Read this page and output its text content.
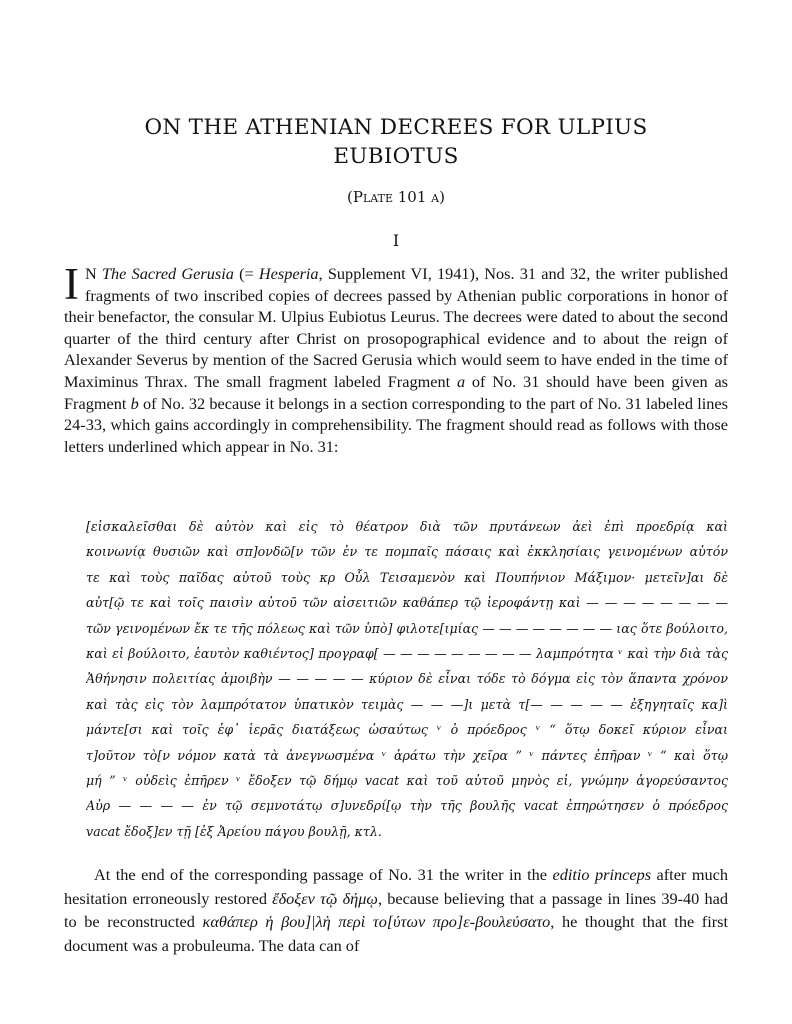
ON THE ATHENIAN DECREES FOR ULPIUS
EUBIOTUS
(Plate 101 a)
I
I N The Sacred Gerusia (= Hesperia, Supplement VI, 1941), Nos. 31 and 32, the writer published fragments of two inscribed copies of decrees passed by Athenian public corporations in honor of their benefactor, the consular M. Ulpius Eubiotus Leurus. The decrees were dated to about the second quarter of the third century after Christ on prosopographical evidence and to about the reign of Alexander Severus by mention of the Sacred Gerusia which would seem to have ended in the time of Maximinus Thrax. The small fragment labeled Fragment a of No. 31 should have been given as Fragment b of No. 32 because it belongs in a section corresponding to the part of No. 31 labeled lines 24-33, which gains accordingly in comprehensibility. The fragment should read as follows with those letters underlined which appear in No. 31:
[εἰσκαλεῖσθαι δὲ αὐτὸν καὶ εἰς τὸ θέατρον διὰ τῶν πρυτάνεων ἀεὶ ἐπὶ προεδρίᾳ καὶ
κοινωνίᾳ θυσιῶν καὶ σπ]ονδῶ[ν τῶν ἐν τε πομπαῖς πάσαις καὶ ἐκκλησίαις γεινομένων αὐτόν
τε καὶ τοὺς παῖδας αὐτοῦ τοὺς κρ Οὖλ Τεισαμενὸν καὶ Πουπήνιον Μάξιμον· μετεῖν]αι δὲ
αὐτ[ῷ τε καὶ τοῖς παισὶν αὐτοῦ τῶν αἰσειτιῶν καθάπερ τῷ ἱεροφάντῃ καὶ — — — — — — — —
τῶν γεινομένων ἔκ τε τῆς πόλεως καὶ τῶν ὑπὸ] φιλοτε[ιμίας — — — — — — — — ιας ὅτε βούλοιτο,
καὶ εἰ βούλοιτο, ἑαυτὸν καθιέντος] προγραφ[ — — — — — — — — — λαμπρότητα ᵛ καὶ τὴν διὰ τὰς
Ἀθήνησιν πολειτίας ἀμοιβὴν — — — — — κύριον δὲ εἶναι τόδε τὸ δόγμα εἰς τὸν ἅπαντα χρόνον
καὶ τὰς εἰς τὸν λαμπρότατον ὑπατικὸν τειμὰς — — —]ι μετὰ τ[— — — — — ἐξηγηταῖς κα]ὶ
μάντε[σι καὶ τοῖς ἐφ᾽ ἱερᾶς διατάξεως ὡσαύτως ᵛ ὁ πρόεδρος ᵛ “ ὅτῳ δοκεῖ κύριον εἶναι
τ]οῦτον τὸ[ν νόμον κατὰ τὰ ἀνεγνωσμένα ᵛ ἀράτω τὴν χεῖρα ” ᵛ πάντες ἐπῆραν ᵛ “ καὶ ὅτῳ
μή ” ᵛ οὐδεὶς ἐπῆρεν ᵛ ἔδοξεν τῷ δήμῳ vacat καὶ τοῦ αὐτοῦ μηνὸς εἰ, γνώμην ἀγορεύσαντος
Αὐρ — — — — ἐν τῷ σεμνοτάτῳ σ]υνεδρί[ῳ τὴν τῆς βουλῆς vacat ἐπηρώτησεν ὁ πρόεδρος
vacat ἔδοξ]εν τῇ [ἐξ Ἀρείου πάγου βουλῇ, κτλ.
At the end of the corresponding passage of No. 31 the writer in the editio princeps after much hesitation erroneously restored ἔδοξεν τῷ δήμῳ, because believing that a passage in lines 39-40 had to be reconstructed καθάπερ ἡ βου]|λὴ περὶ το[ύτων προ]ε-βουλεύσατο, he thought that the first document was a probuleuma. The data can of
